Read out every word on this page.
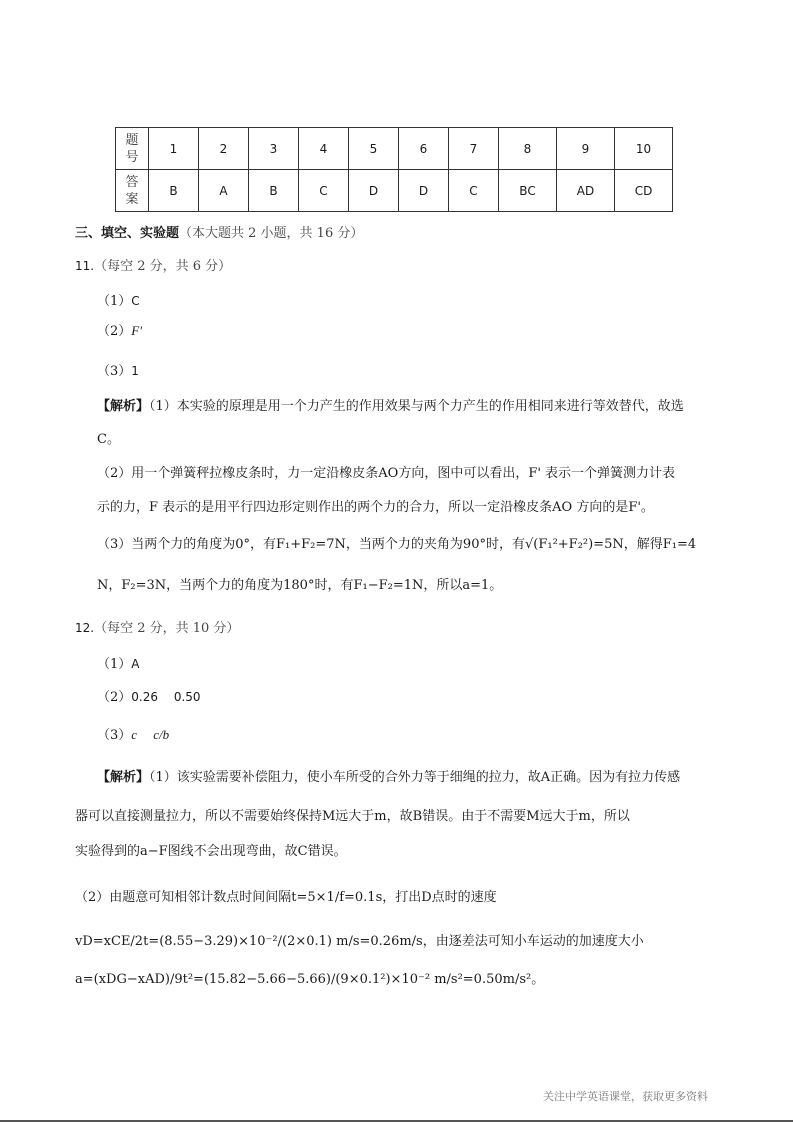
题号	1	2	3	4	5	6	7	8	9	10
答案	B	A	B	C	D	D	C	BC	AD	CD
三、填空、实验题（本大题共 2 小题，共 16 分）
11.（每空 2 分，共 6 分）
（1）C
（2）F'
（3）1
【解析】（1）本实验的原理是用一个力产生的作用效果与两个力产生的作用相同来进行等效替代，故选
C。
（2）用一个弹簧秤拉橡皮条时，力一定沿橡皮条AO方向，图中可以看出，F' 表示一个弹簧测力计表
示的力，F 表示的是用平行四边形定则作出的两个力的合力，所以一定沿橡皮条AO 方向的是F'。
（3）当两个力的角度为0°，有F₁+F₂=7N，当两个力的夹角为90°时，有√(F₁²+F₂²)=5N，解得F₁=4
N，F₂=3N，当两个力的角度为180°时，有F₁−F₂=1N，所以a=1。
12.（每空 2 分，共 10 分）
（1）A
（2）0.26　 0.50
（3）c　 c/b
【解析】（1）该实验需要补偿阻力，使小车所受的合外力等于细绳的拉力，故A正确。因为有拉力传感
器可以直接测量拉力，所以不需要始终保持M远大于m，故B错误。由于不需要M远大于m，所以
实验得到的a−F图线不会出现弯曲，故C错误。
（2）由题意可知相邻计数点时间间隔t=5×1/f=0.1s，打出D点时的速度
vD=xCE/2t=(8.55−3.29)×10⁻²/(2×0.1) m/s=0.26m/s，由逐差法可知小车运动的加速度大小
a=(xDG−xAD)/9t²=(15.82−5.66−5.66)/(9×0.1²)×10⁻² m/s²=0.50m/s²。
关注中学英语课堂，获取更多资料
